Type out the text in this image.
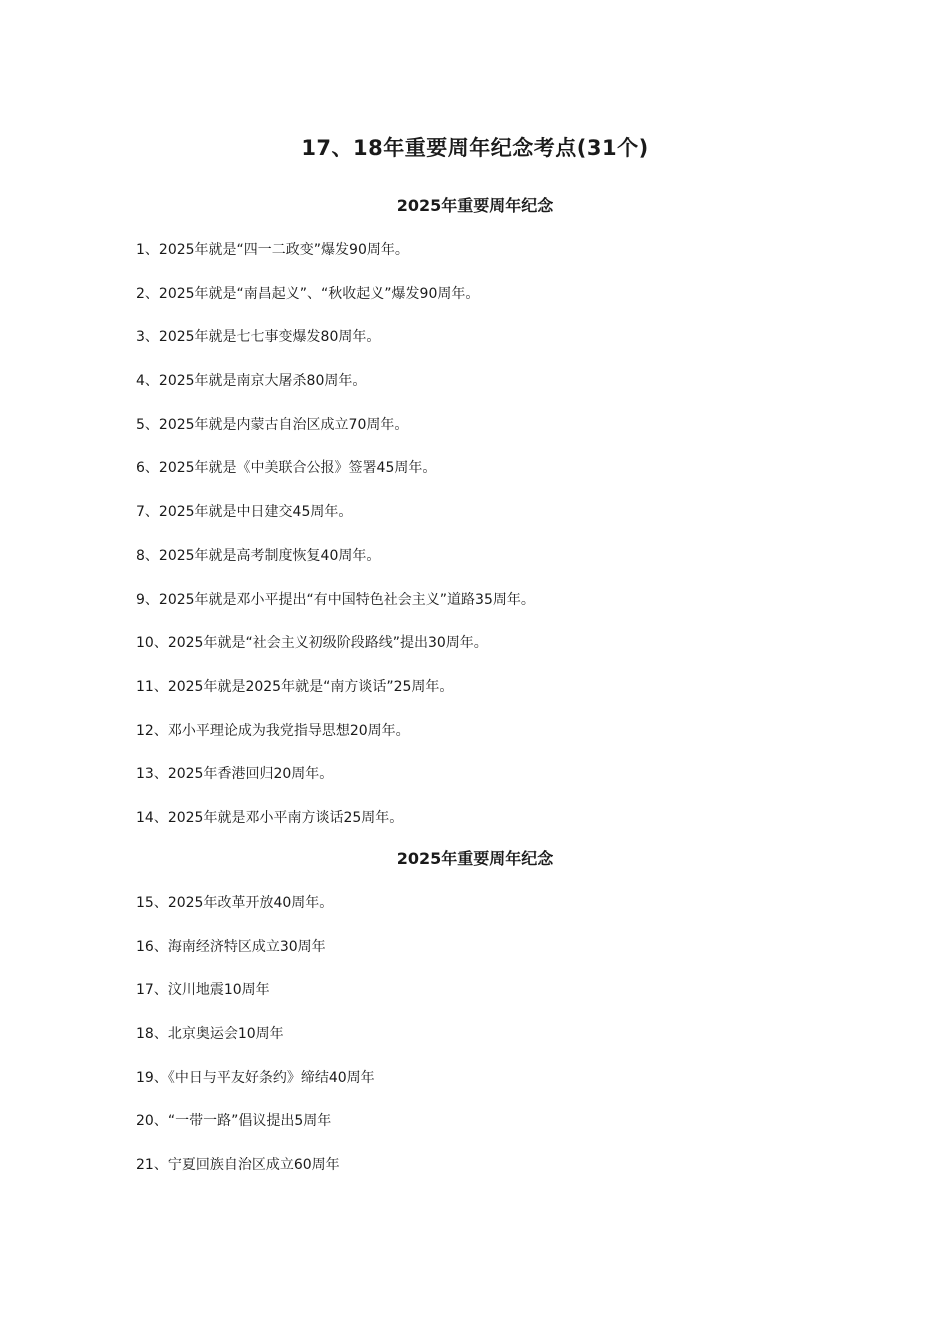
17、18年重要周年纪念考点(31个)
2025年重要周年纪念
1、2025年就是“四一二政变”爆发90周年。
2、2025年就是“南昌起义”、“秋收起义”爆发90周年。
3、2025年就是七七事变爆发80周年。
4、2025年就是南京大屠杀80周年。
5、2025年就是内蒙古自治区成立70周年。
6、2025年就是《中美联合公报》签署45周年。
7、2025年就是中日建交45周年。
8、2025年就是高考制度恢复40周年。
9、2025年就是邓小平提出“有中国特色社会主义”道路35周年。
10、2025年就是“社会主义初级阶段路线”提出30周年。
11、2025年就是2025年就是“南方谈话”25周年。
12、邓小平理论成为我党指导思想20周年。
13、2025年香港回归20周年。
14、2025年就是邓小平南方谈话25周年。
2025年重要周年纪念
15、2025年改革开放40周年。
16、海南经济特区成立30周年
17、汶川地震10周年
18、北京奥运会10周年
19、《中日与平友好条约》缔结40周年
20、“一带一路”倡议提出5周年
21、宁夏回族自治区成立60周年
